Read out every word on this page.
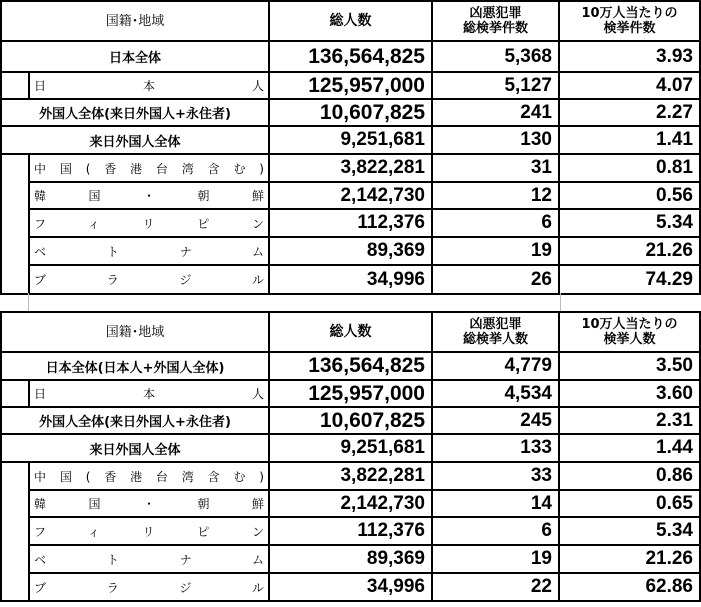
国籍･地域		総人数	凶悪犯罪
総検挙件数	10万人当たりの
検挙件数
日本全体		136,564,825	5,368	3.93
	日本人	125,957,000	5,127	4.07
外国人全体(来日外国人+永住者)		10,607,825	241	2.27
来日外国人全体		9,251,681	130	1.41
	中国(香港台湾含む)	3,822,281	31	0.81
	韓国・朝鮮	2,142,730	12	0.56
	フィリピン	112,376	6	5.34
	ベトナム	89,369	19	21.26
	ブラジル	34,996	26	74.29
国籍･地域		総人数	凶悪犯罪
総検挙人数	10万人当たりの
検挙人数
日本全体(日本人+外国人全体)		136,564,825	4,779	3.50
	日本人	125,957,000	4,534	3.60
外国人全体(来日外国人+永住者)		10,607,825	245	2.31
来日外国人全体		9,251,681	133	1.44
	中国(香港台湾含む)	3,822,281	33	0.86
	韓国・朝鮮	2,142,730	14	0.65
	フィリピン	112,376	6	5.34
	ベトナム	89,369	19	21.26
	ブラジル	34,996	22	62.86
